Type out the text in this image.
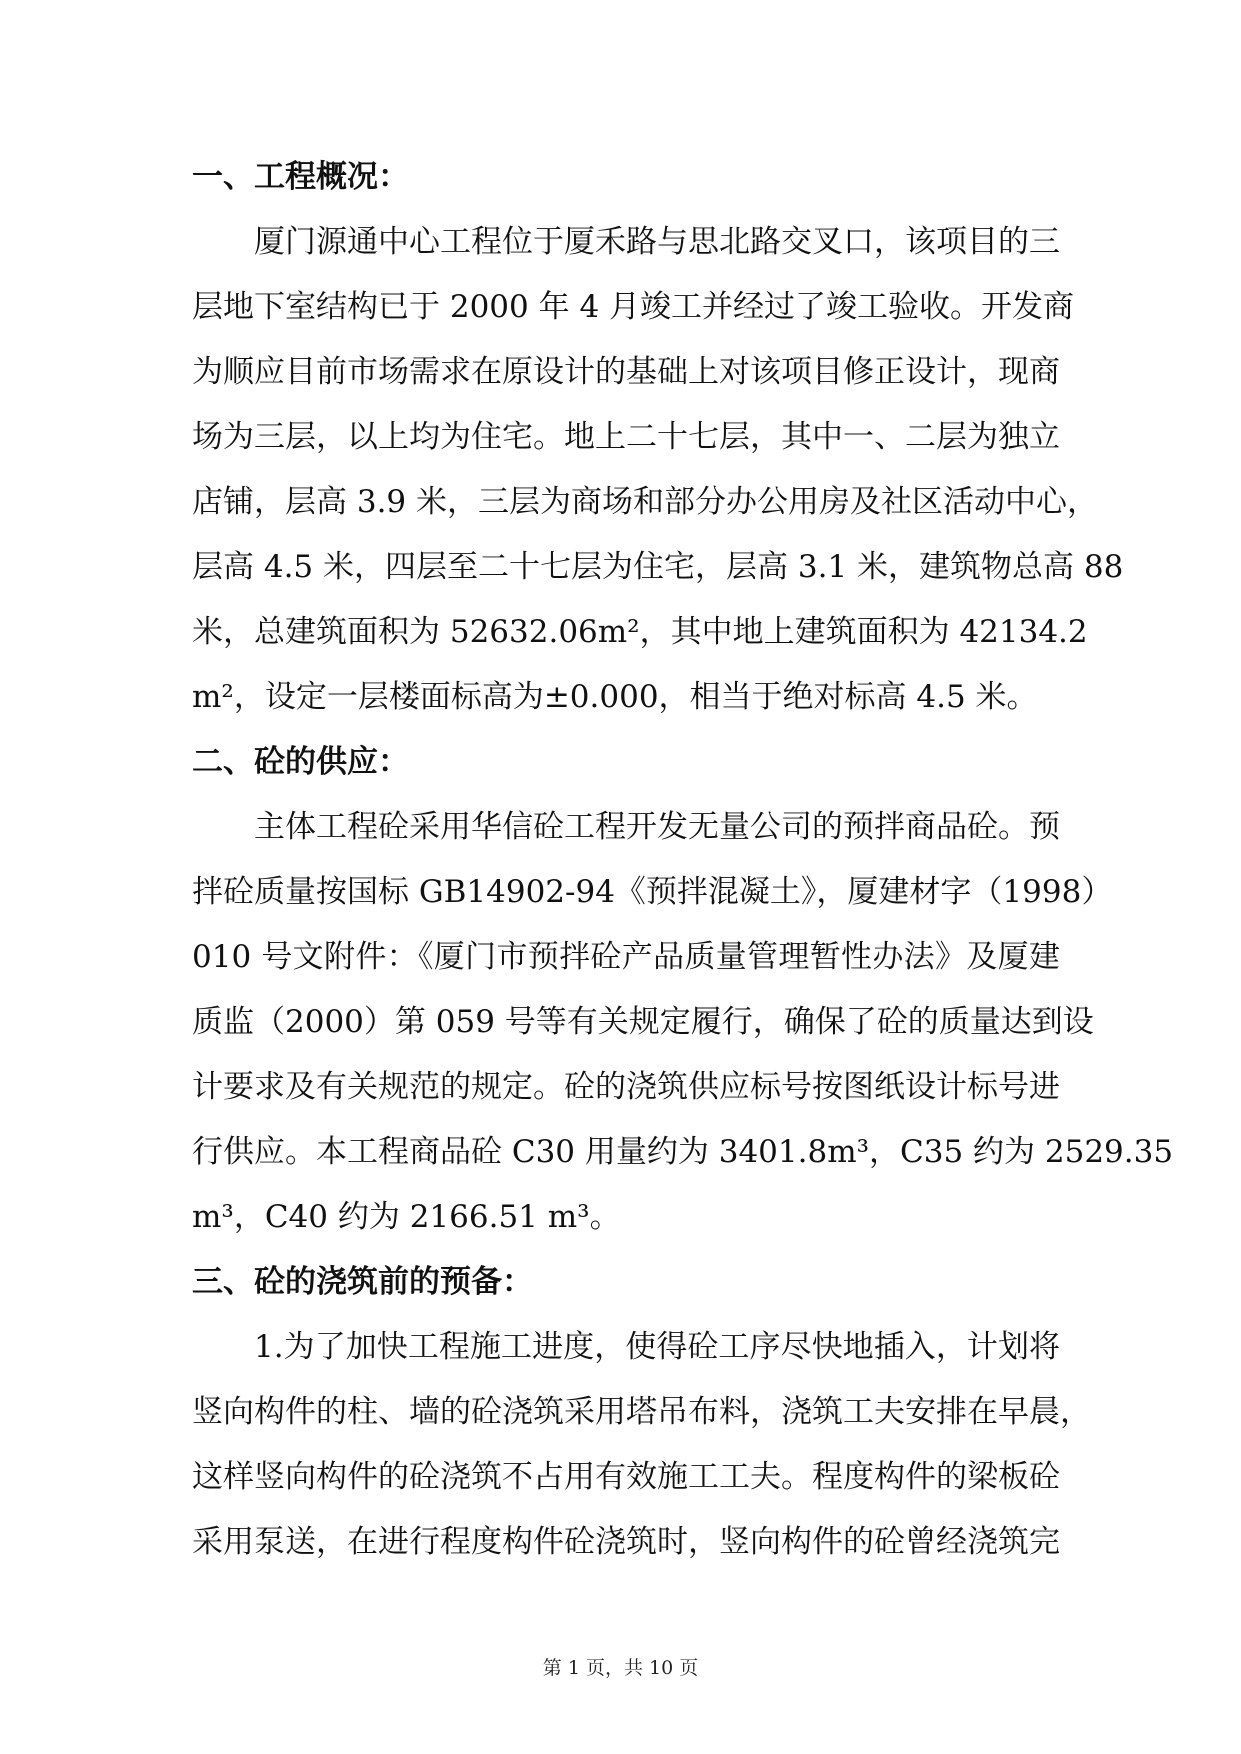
一、工程概况：
厦门源通中心工程位于厦禾路与思北路交叉口，该项目的三
层地下室结构已于 2000 年 4 月竣工并经过了竣工验收。开发商
为顺应目前市场需求在原设计的基础上对该项目修正设计，现商
场为三层，以上均为住宅。地上二十七层，其中一、二层为独立
店铺，层高 3.9 米，三层为商场和部分办公用房及社区活动中心，
层高 4.5 米，四层至二十七层为住宅，层高 3.1 米，建筑物总高 88
米，总建筑面积为 52632.06m²，其中地上建筑面积为 42134.2
m²，设定一层楼面标高为±0.000，相当于绝对标高 4.5 米。
二、砼的供应：
主体工程砼采用华信砼工程开发无量公司的预拌商品砼。预
拌砼质量按国标 GB14902-94《预拌混凝土》，厦建材字（1998）
010 号文附件：《厦门市预拌砼产品质量管理暂性办法》及厦建
质监（2000）第 059 号等有关规定履行，确保了砼的质量达到设
计要求及有关规范的规定。砼的浇筑供应标号按图纸设计标号进
行供应。本工程商品砼 C30 用量约为 3401.8m³，C35 约为 2529.35
m³，C40 约为 2166.51 m³。
三、砼的浇筑前的预备：
1.为了加快工程施工进度，使得砼工序尽快地插入，计划将
竖向构件的柱、墙的砼浇筑采用塔吊布料，浇筑工夫安排在早晨，
这样竖向构件的砼浇筑不占用有效施工工夫。程度构件的梁板砼
采用泵送，在进行程度构件砼浇筑时，竖向构件的砼曾经浇筑完
第 1 页，共 10 页
